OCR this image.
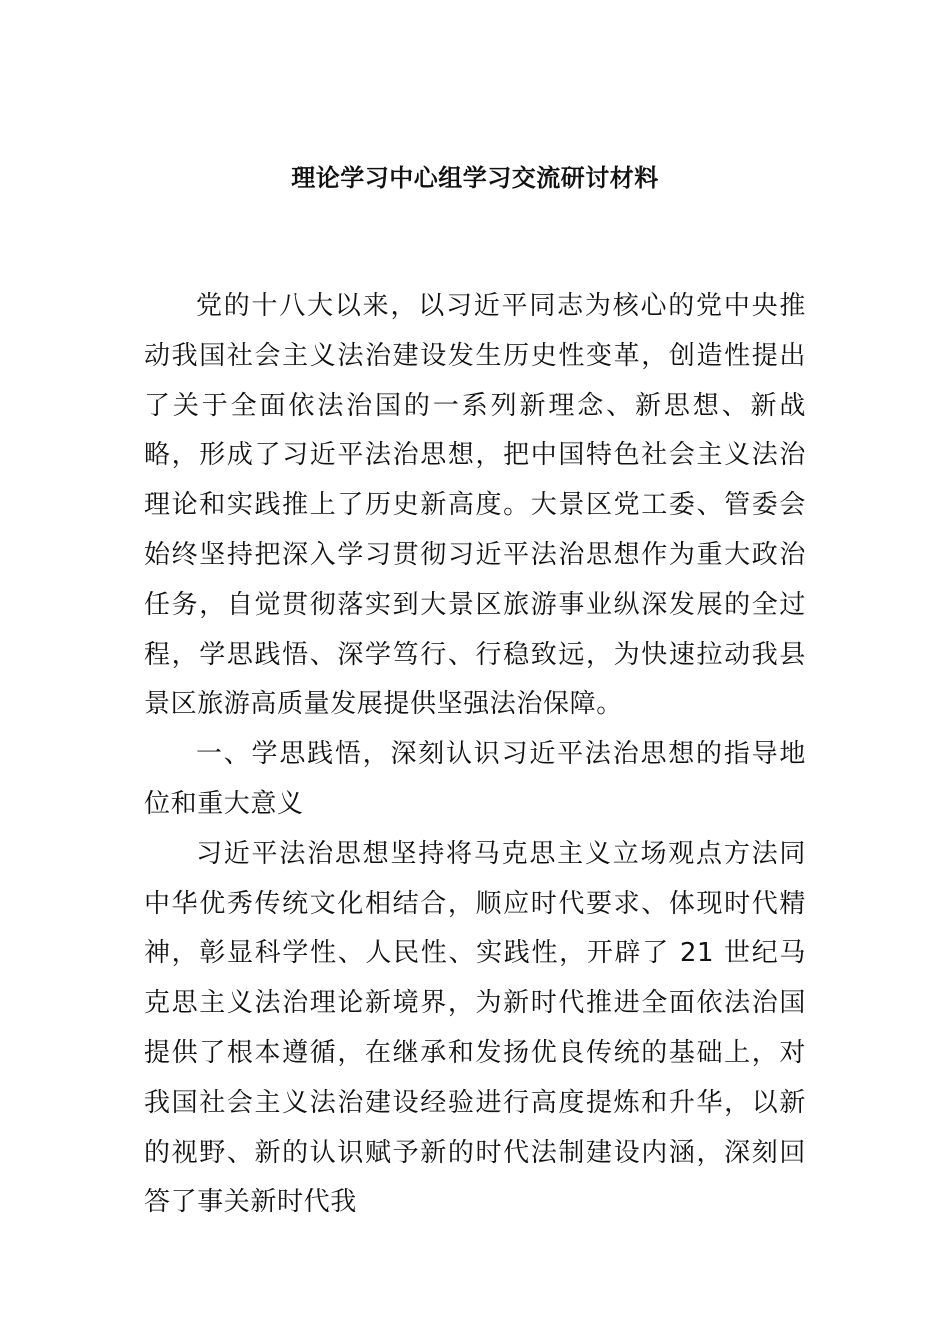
理论学习中心组学习交流研讨材料

党的十八大以来，以习近平同志为核心的党中央推动我国社会主义法治建设发生历史性变革，创造性提出了关于全面依法治国的一系列新理念、新思想、新战略，形成了习近平法治思想，把中国特色社会主义法治理论和实践推上了历史新高度。大景区党工委、管委会始终坚持把深入学习贯彻习近平法治思想作为重大政治任务，自觉贯彻落实到大景区旅游事业纵深发展的全过程，学思践悟、深学笃行、行稳致远，为快速拉动我县景区旅游高质量发展提供坚强法治保障。

一、学思践悟，深刻认识习近平法治思想的指导地位和重大意义

习近平法治思想坚持将马克思主义立场观点方法同中华优秀传统文化相结合，顺应时代要求、体现时代精神，彰显科学性、人民性、实践性，开辟了 21 世纪马克思主义法治理论新境界，为新时代推进全面依法治国提供了根本遵循，在继承和发扬优良传统的基础上，对我国社会主义法治建设经验进行高度提炼和升华，以新的视野、新的认识赋予新的时代法制建设内涵，深刻回答了事关新时代我
